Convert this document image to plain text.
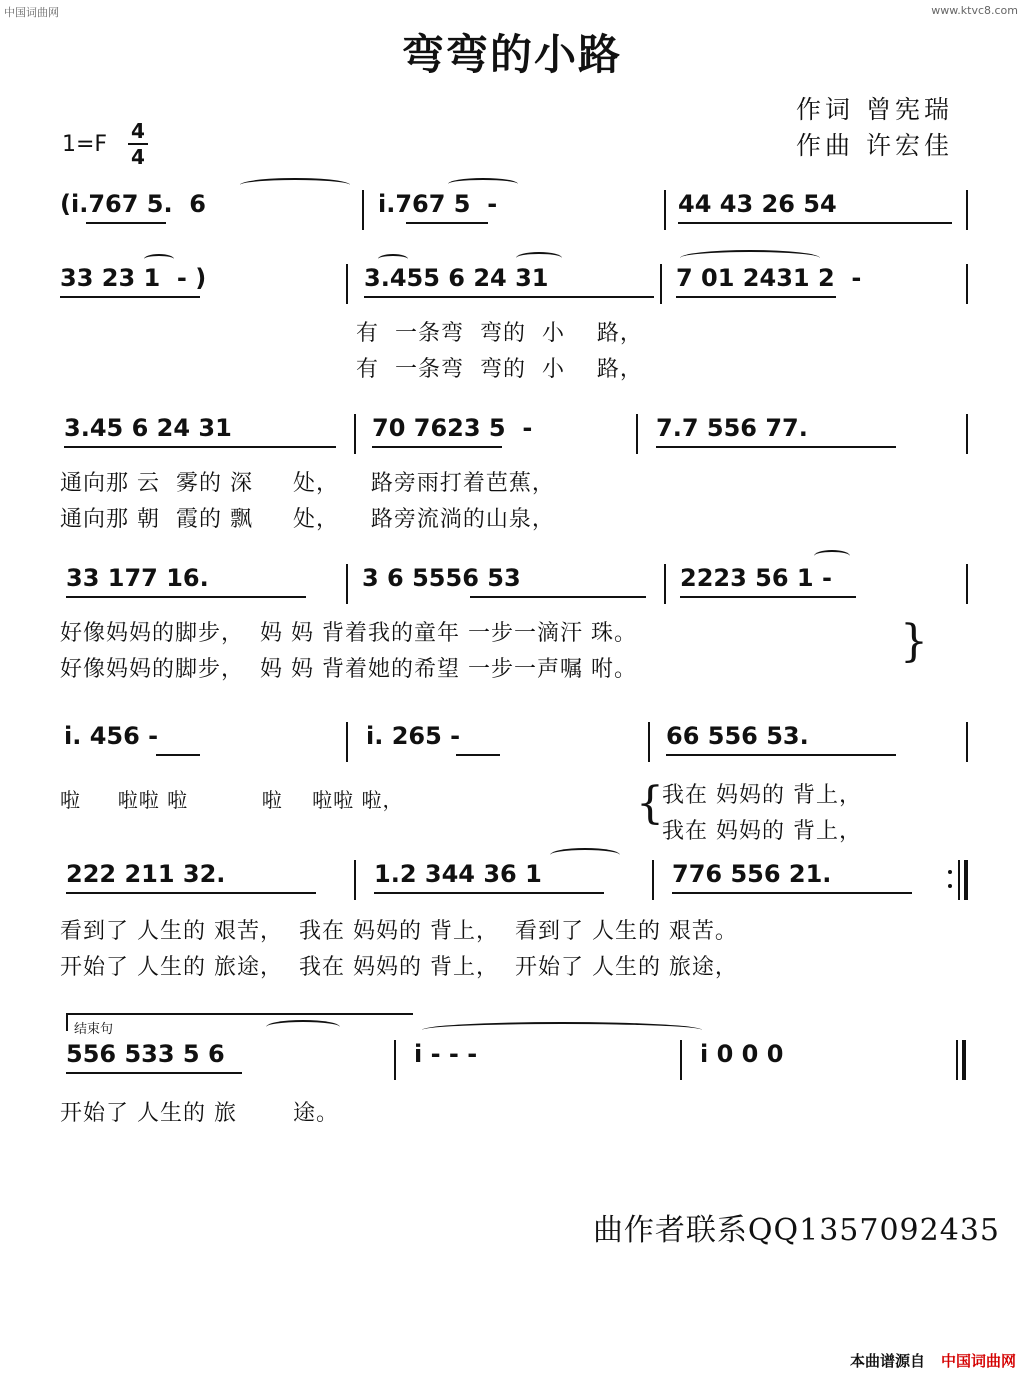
中国词曲网	www.ktvc8.com
弯弯的小路
作词 曾宪瑞
作曲 许宏佳
1=F
4
4
(i.767 5.  6	i.767 5  -	44 43 26 54
33 23 1  - )	3.455 6 24 31	7 01 2431 2  -
有  一条弯  弯的  小    路，
有  一条弯  弯的  小    路，
3.45 6 24 31	70 7623 5  -	7.7 556 77.
通向那 云  雾的 深     处，    路旁雨打着芭蕉，
通向那 朝  霞的 飘     处，    路旁流淌的山泉，
33 177 16.	3 6 5556 53	2223 56 1 -
好像妈妈的脚步，  妈 妈 背着我的童年 一步一滴汗 珠。
好像妈妈的脚步，  妈 妈 背着她的希望 一步一声嘱 咐。
}
i. 456 -	i. 265 -	66 556 53.
啦     啦啦 啦          啦    啦啦 啦，	{
我在 妈妈的 背上，
我在 妈妈的 背上，
222 211 32.	1.2 344 36 1	776 556 21.
看到了 人生的 艰苦，  我在 妈妈的 背上，  看到了 人生的 艰苦。
开始了 人生的 旅途，  我在 妈妈的 背上，  开始了 人生的 旅途，
结束句
556 533 5 6	i - - -	i 0 0 0
开始了 人生的 旅       途。
曲作者联系QQ1357092435
本曲谱源自 中国词曲网
